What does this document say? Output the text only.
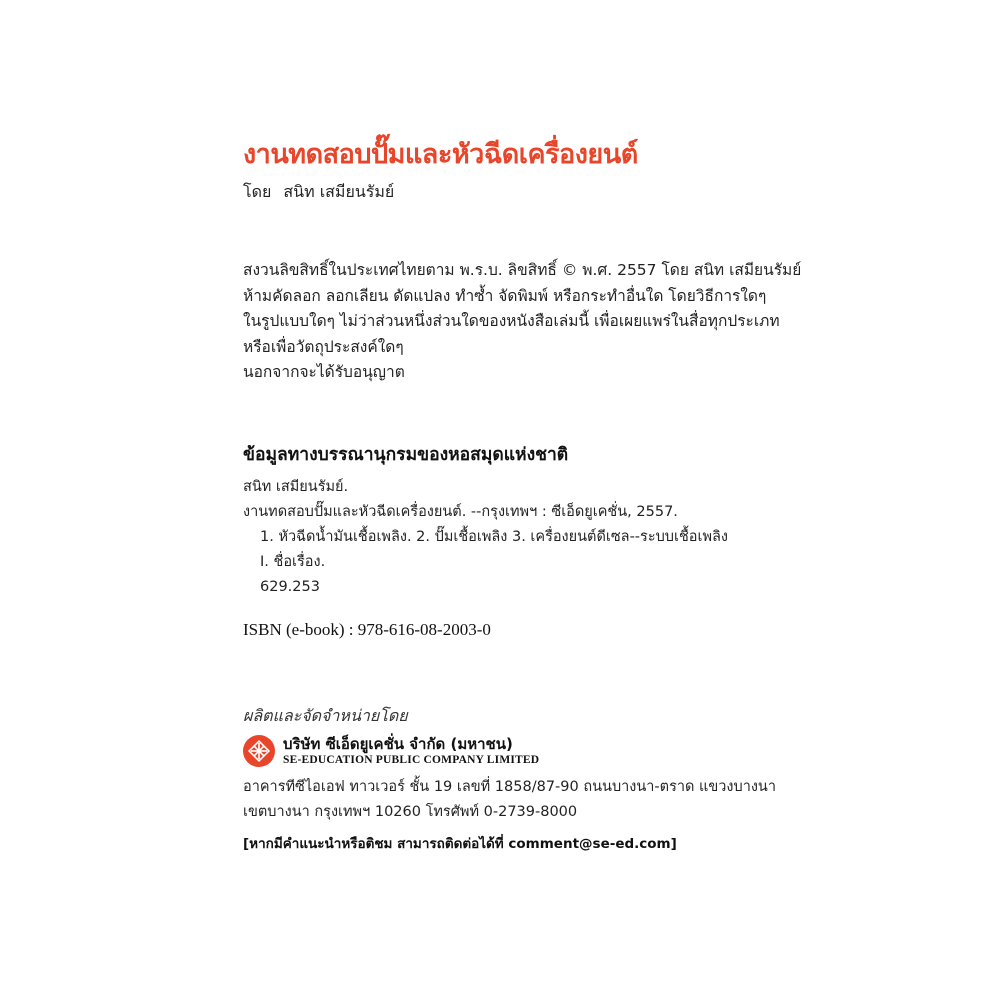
งานทดสอบปั๊มและหัวฉีดเครื่องยนต์
โดย สนิท เสมียนรัมย์
สงวนลิขสิทธิ์ในประเทศไทยตาม พ.ร.บ. ลิขสิทธิ์ © พ.ศ. 2557 โดย สนิท เสมียนรัมย์
ห้ามคัดลอก ลอกเลียน ดัดแปลง ทำซ้ำ จัดพิมพ์ หรือกระทำอื่นใด โดยวิธีการใดๆ
ในรูปแบบใดๆ ไม่ว่าส่วนหนึ่งส่วนใดของหนังสือเล่มนี้ เพื่อเผยแพร่ในสื่อทุกประเภท
หรือเพื่อวัตถุประสงค์ใดๆ
นอกจากจะได้รับอนุญาต
ข้อมูลทางบรรณานุกรมของหอสมุดแห่งชาติ
สนิท เสมียนรัมย์.
งานทดสอบปั๊มและหัวฉีดเครื่องยนต์. --กรุงเทพฯ : ซีเอ็ดยูเคชั่น, 2557.
1. หัวฉีดน้ำมันเชื้อเพลิง. 2. ปั๊มเชื้อเพลิง 3. เครื่องยนต์ดีเซล--ระบบเชื้อเพลิง
I. ชื่อเรื่อง.
629.253
ISBN (e-book) : 978-616-08-2003-0
ผลิตและจัดจำหน่ายโดย
บริษัท ซีเอ็ดยูเคชั่น จำกัด (มหาชน)
SE-EDUCATION PUBLIC COMPANY LIMITED
อาคารทีซีไอเอฟ ทาวเวอร์ ชั้น 19 เลขที่ 1858/87-90 ถนนบางนา-ตราด แขวงบางนา
เขตบางนา กรุงเทพฯ 10260 โทรศัพท์ 0-2739-8000
[หากมีคำแนะนำหรือติชม สามารถติดต่อได้ที่ comment@se-ed.com]
